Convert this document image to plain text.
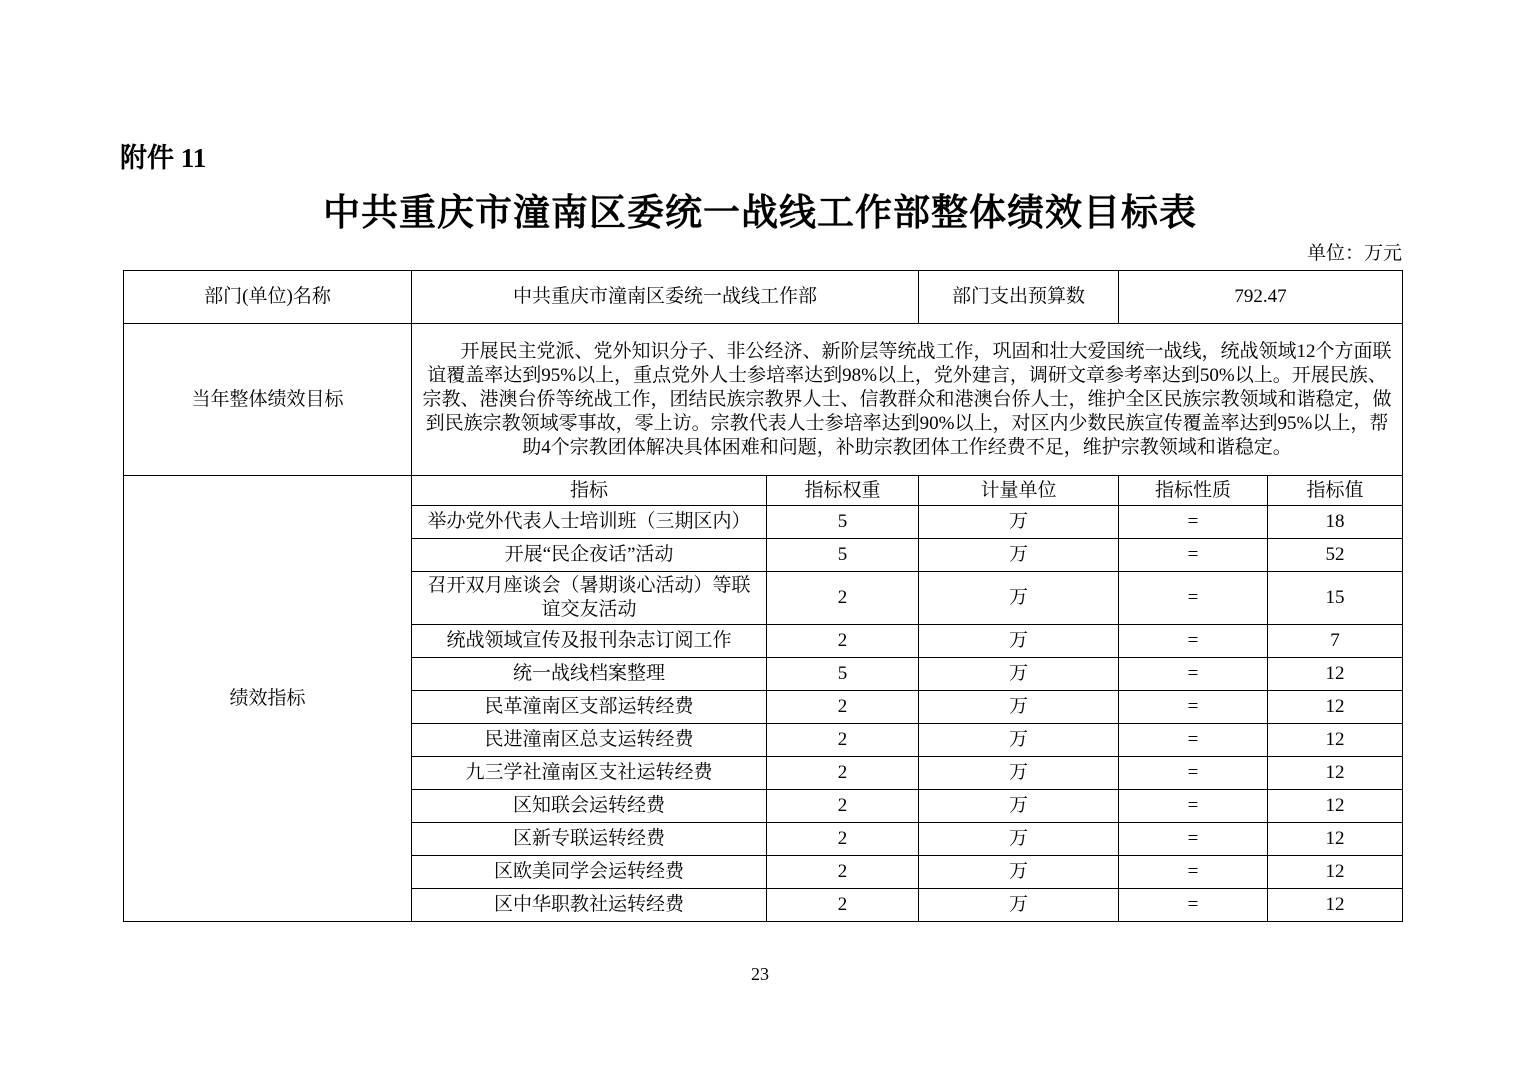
附件 11
中共重庆市潼南区委统一战线工作部整体绩效目标表
单位：万元
部门(单位)名称	中共重庆市潼南区委统一战线工作部		部门支出预算数	792.47	
当年整体绩效目标	开展民主党派、党外知识分子、非公经济、新阶层等统战工作，巩固和壮大爱国统一战线，统战领域12个方面联谊覆盖率达到95%以上，重点党外人士参培率达到98%以上，党外建言，调研文章参考率达到50%以上。开展民族、宗教、港澳台侨等统战工作，团结民族宗教界人士、信教群众和港澳台侨人士，维护全区民族宗教领域和谐稳定，做到民族宗教领域零事故，零上访。宗教代表人士参培率达到90%以上，对区内少数民族宣传覆盖率达到95%以上，帮助4个宗教团体解决具体困难和问题，补助宗教团体工作经费不足，维护宗教领域和谐稳定。				
绩效指标	指标	指标权重	计量单位	指标性质	指标值
	举办党外代表人士培训班（三期区内）	5	万	=	18
	开展“民企夜话”活动	5	万	=	52
	召开双月座谈会（暑期谈心活动）等联谊交友活动	2	万	=	15
	统战领域宣传及报刊杂志订阅工作	2	万	=	7
	统一战线档案整理	5	万	=	12
	民革潼南区支部运转经费	2	万	=	12
	民进潼南区总支运转经费	2	万	=	12
	九三学社潼南区支社运转经费	2	万	=	12
	区知联会运转经费	2	万	=	12
	区新专联运转经费	2	万	=	12
	区欧美同学会运转经费	2	万	=	12
	区中华职教社运转经费	2	万	=	12
23
